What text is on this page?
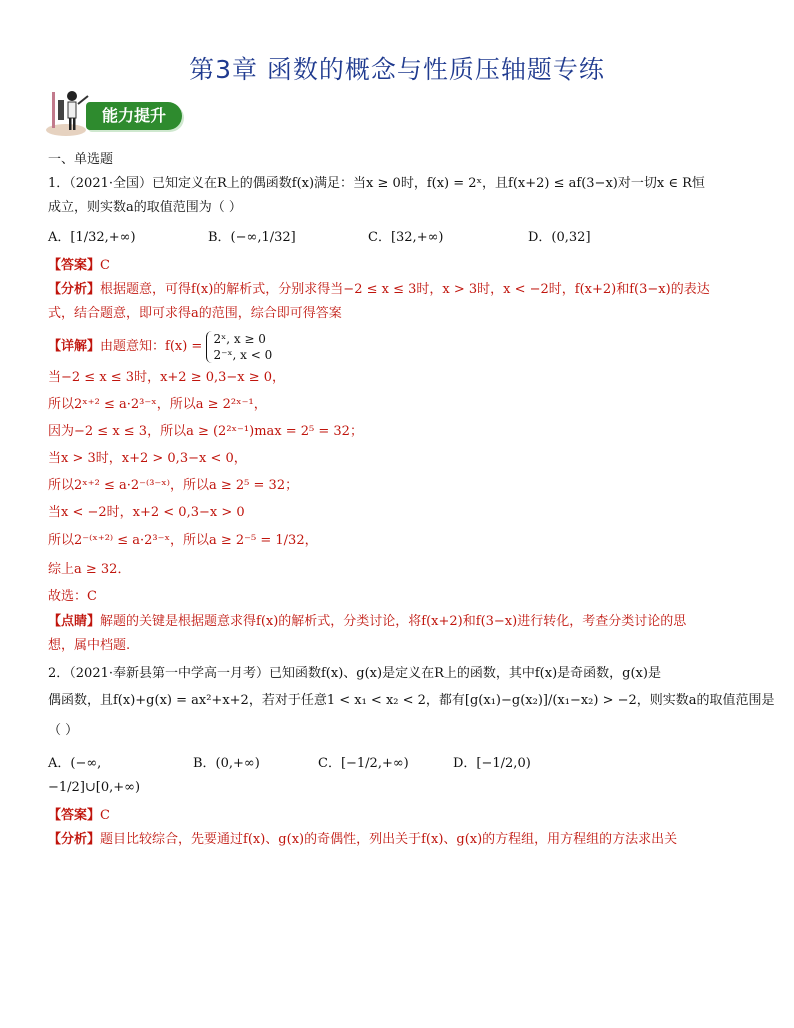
第3章 函数的概念与性质压轴题专练
能力提升
一、单选题
1．（2021·全国）已知定义在R上的偶函数f(x)满足：当x ≥ 0时，f(x) = 2ˣ，且f(x+2) ≤ af(3−x)对一切x ∈ R恒
成立，则实数a的取值范围为（ ）
A．[1/32,+∞)	B．(−∞,1/32]	C．[32,+∞)	D．(0,32]
【答案】C
【分析】根据题意，可得f(x)的解析式，分别求得当−2 ≤ x ≤ 3时，x > 3时，x < −2时，f(x+2)和f(3−x)的表达
式，结合题意，即可求得a的范围，综合即可得答案
【详解】由题意知：f(x) =
2ˣ, x ≥ 0
2⁻ˣ, x < 0
当−2 ≤ x ≤ 3时，x+2 ≥ 0,3−x ≥ 0，
所以2ˣ⁺² ≤ a·2³⁻ˣ，所以a ≥ 2²ˣ⁻¹，
因为−2 ≤ x ≤ 3，所以a ≥ (2²ˣ⁻¹)max = 2⁵ = 32；
当x > 3时，x+2 > 0,3−x < 0，
所以2ˣ⁺² ≤ a·2⁻⁽³⁻ˣ⁾，所以a ≥ 2⁵ = 32；
当x < −2时，x+2 < 0,3−x > 0
所以2⁻⁽ˣ⁺²⁾ ≤ a·2³⁻ˣ，所以a ≥ 2⁻⁵ = 1/32，
综上a ≥ 32．
故选：C
【点睛】解题的关键是根据题意求得f(x)的解析式，分类讨论，将f(x+2)和f(3−x)进行转化，考查分类讨论的思
想，属中档题.
2．（2021·奉新县第一中学高一月考）已知函数f(x)、g(x)是定义在R上的函数，其中f(x)是奇函数，g(x)是
偶函数，且f(x)+g(x) = ax²+x+2，若对于任意1 < x₁ < x₂ < 2，都有[g(x₁)−g(x₂)]/(x₁−x₂) > −2，则实数a的取值范围是
（ ）
A．(−∞,−1/2]∪[0,+∞)
B．(0,+∞)	C．[−1/2,+∞)	D．[−1/2,0)
【答案】C
【分析】题目比较综合，先要通过f(x)、g(x)的奇偶性，列出关于f(x)、g(x)的方程组，用方程组的方法求出关
